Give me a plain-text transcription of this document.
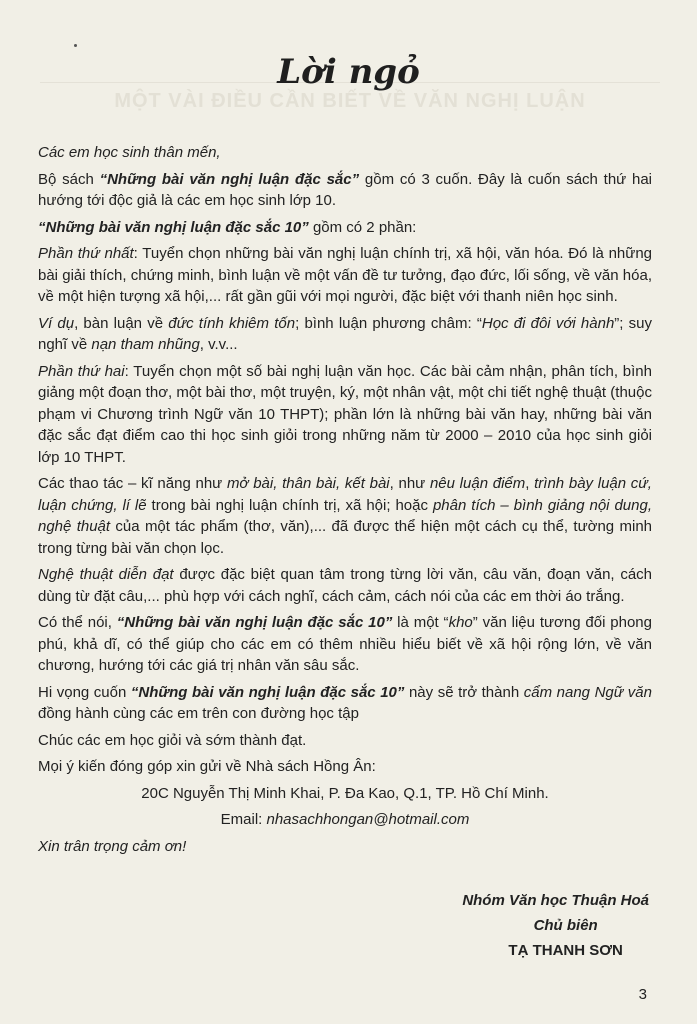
MỘT VÀI ĐIỀU CẦN BIẾT VỀ VĂN NGHỊ LUẬN
Lời ngỏ

Các em học sinh thân mến,

Bộ sách “Những bài văn nghị luận đặc sắc” gồm có 3 cuốn. Đây là cuốn sách thứ hai hướng tới độc giả là các em học sinh lớp 10.

“Những bài văn nghị luận đặc sắc 10” gồm có 2 phần:

Phần thứ nhất: Tuyển chọn những bài văn nghị luận chính trị, xã hội, văn hóa. Đó là những bài giải thích, chứng minh, bình luận về một vấn đề tư tưởng, đạo đức, lối sống, về văn hóa, về một hiện tượng xã hội,... rất gần gũi với mọi người, đặc biệt với thanh niên học sinh.

Ví dụ, bàn luận về đức tính khiêm tốn; bình luận phương châm: “Học đi đôi với hành”; suy nghĩ về nạn tham nhũng, v.v...

Phần thứ hai: Tuyển chọn một số bài nghị luận văn học. Các bài cảm nhận, phân tích, bình giảng một đoạn thơ, một bài thơ, một truyện, ký, một nhân vật, một chi tiết nghệ thuật (thuộc phạm vi Chương trình Ngữ văn 10 THPT); phần lớn là những bài văn hay, những bài văn đặc sắc đạt điểm cao thi học sinh giỏi trong những năm từ 2000 – 2010 của học sinh giỏi lớp 10 THPT.

Các thao tác – kĩ năng như mở bài, thân bài, kết bài, như nêu luận điểm, trình bày luận cứ, luận chứng, lí lẽ trong bài nghị luận chính trị, xã hội; hoặc phân tích – bình giảng nội dung, nghệ thuật của một tác phẩm (thơ, văn),... đã được thể hiện một cách cụ thể, tường minh trong từng bài văn chọn lọc.

Nghệ thuật diễn đạt được đặc biệt quan tâm trong từng lời văn, câu văn, đoạn văn, cách dùng từ đặt câu,... phù hợp với cách nghĩ, cách cảm, cách nói của các em thời áo trắng.

Có thể nói, “Những bài văn nghị luận đặc sắc 10” là một “kho” văn liệu tương đối phong phú, khả dĩ, có thể giúp cho các em có thêm nhiều hiểu biết về xã hội rộng lớn, về văn chương, hướng tới các giá trị nhân văn sâu sắc.

Hi vọng cuốn “Những bài văn nghị luận đặc sắc 10” này sẽ trở thành cẩm nang Ngữ văn đồng hành cùng các em trên con đường học tập

Chúc các em học giỏi và sớm thành đạt.

Mọi ý kiến đóng góp xin gửi về Nhà sách Hồng Ân:

20C Nguyễn Thị Minh Khai, P. Đa Kao, Q.1, TP. Hồ Chí Minh.

Email: nhasachhongan@hotmail.com

Xin trân trọng cảm ơn!

Nhóm Văn học Thuận Hoá
Chủ biên
TẠ THANH SƠN
3
